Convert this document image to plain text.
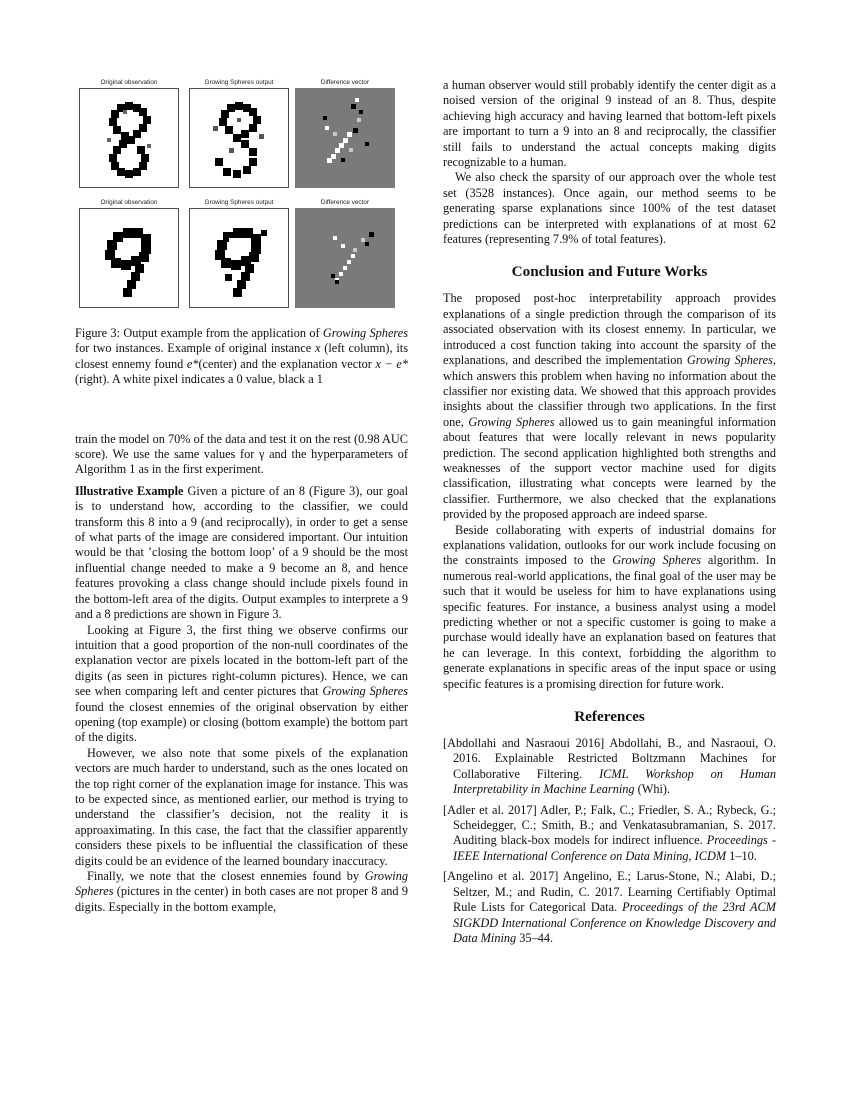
Original observation	Growing Spheres output	Difference vector
Original observation	Growing Spheres output	Difference vector

Figure 3: Output example from the application of Growing Spheres for two instances. Example of original instance x (left column), its closest ennemy found e*(center) and the explanation vector x − e* (right). A white pixel indicates a 0 value, black a 1

train the model on 70% of the data and test it on the rest (0.98 AUC score). We use the same values for γ and the hyperparameters of Algorithm 1 as in the first experiment.

Illustrative Example Given a picture of an 8 (Figure 3), our goal is to understand how, according to the classifier, we could transform this 8 into a 9 (and reciprocally), in order to get a sense of what parts of the image are considered important. Our intuition would be that ’closing the bottom loop’ of a 9 should be the most influential change needed to make a 9 become an 8, and hence features provoking a class change should include pixels found in the bottom-left area of the digits. Output examples to interprete a 9 and a 8 predictions are shown in Figure 3.

Looking at Figure 3, the first thing we observe confirms our intuition that a good proportion of the non-null coordinates of the explanation vector are pixels located in the bottom-left part of the digits (as seen in pictures right-column pictures). Hence, we can see when comparing left and center pictures that Growing Spheres found the closest ennemies of the original observation by either opening (top example) or closing (bottom example) the bottom part of the digits.

However, we also note that some pixels of the explanation vectors are much harder to understand, such as the ones located on the top right corner of the explanation image for instance. This was to be expected since, as mentioned earlier, our method is trying to understand the classifier’s decision, not the reality it is approaximating. In this case, the fact that the classifier apparently considers these pixels to be influential the classification of these digits could be an evidence of the learned boundary inaccuracy.

Finally, we note that the closest ennemies found by Growing Spheres (pictures in the center) in both cases are not proper 8 and 9 digits. Especially in the bottom example,

a human observer would still probably identify the center digit as a noised version of the original 9 instead of an 8. Thus, despite achieving high accuracy and having learned that bottom-left pixels are important to turn a 9 into an 8 and reciprocally, the classifier still fails to understand the actual concepts making digits recognizable to a human.

We also check the sparsity of our approach over the whole test set (3528 instances). Once again, our method seems to be generating sparse explanations since 100% of the test dataset predictions can be interpreted with explanations of at most 62 features (representing 7.9% of total features).

Conclusion and Future Works

The proposed post-hoc interpretability approach provides explanations of a single prediction through the comparison of its associated observation with its closest ennemy. In particular, we introduced a cost function taking into account the sparsity of the explanations, and described the implementation Growing Spheres, which answers this problem when having no information about the classifier nor existing data. We showed that this approach provides insights about the classifier through two applications. In the first one, Growing Spheres allowed us to gain meaningful information about features that were locally relevant in news popularity prediction. The second application highlighted both strengths and weaknesses of the support vector machine used for digits classification, illustrating what concepts were learned by the classifier. Furthermore, we also checked that the explanations provided by the proposed approach are indeed sparse.

Beside collaborating with experts of industrial domains for explanations validation, outlooks for our work include focusing on the constraints imposed to the Growing Spheres algorithm. In numerous real-world applications, the final goal of the user may be such that it would be useless for him to have explanations using specific features. For instance, a business analyst using a model predicting whether or not a specific customer is going to make a purchase would ideally have an explanation based on features that he can leverage. In this context, forbidding the algorithm to generate explanations in specific areas of the input space or using specific features is a promising direction for future work.

References
[Abdollahi and Nasraoui 2016] Abdollahi, B., and Nasraoui, O. 2016. Explainable Restricted Boltzmann Machines for Collaborative Filtering. ICML Workshop on Human Interpretability in Machine Learning (Whi).
[Adler et al. 2017] Adler, P.; Falk, C.; Friedler, S. A.; Rybeck, G.; Scheidegger, C.; Smith, B.; and Venkatasubramanian, S. 2017. Auditing black-box models for indirect influence. Proceedings - IEEE International Conference on Data Mining, ICDM 1–10.
[Angelino et al. 2017] Angelino, E.; Larus-Stone, N.; Alabi, D.; Seltzer, M.; and Rudin, C. 2017. Learning Certifiably Optimal Rule Lists for Categorical Data. Proceedings of the 23rd ACM SIGKDD International Conference on Knowledge Discovery and Data Mining 35–44.
